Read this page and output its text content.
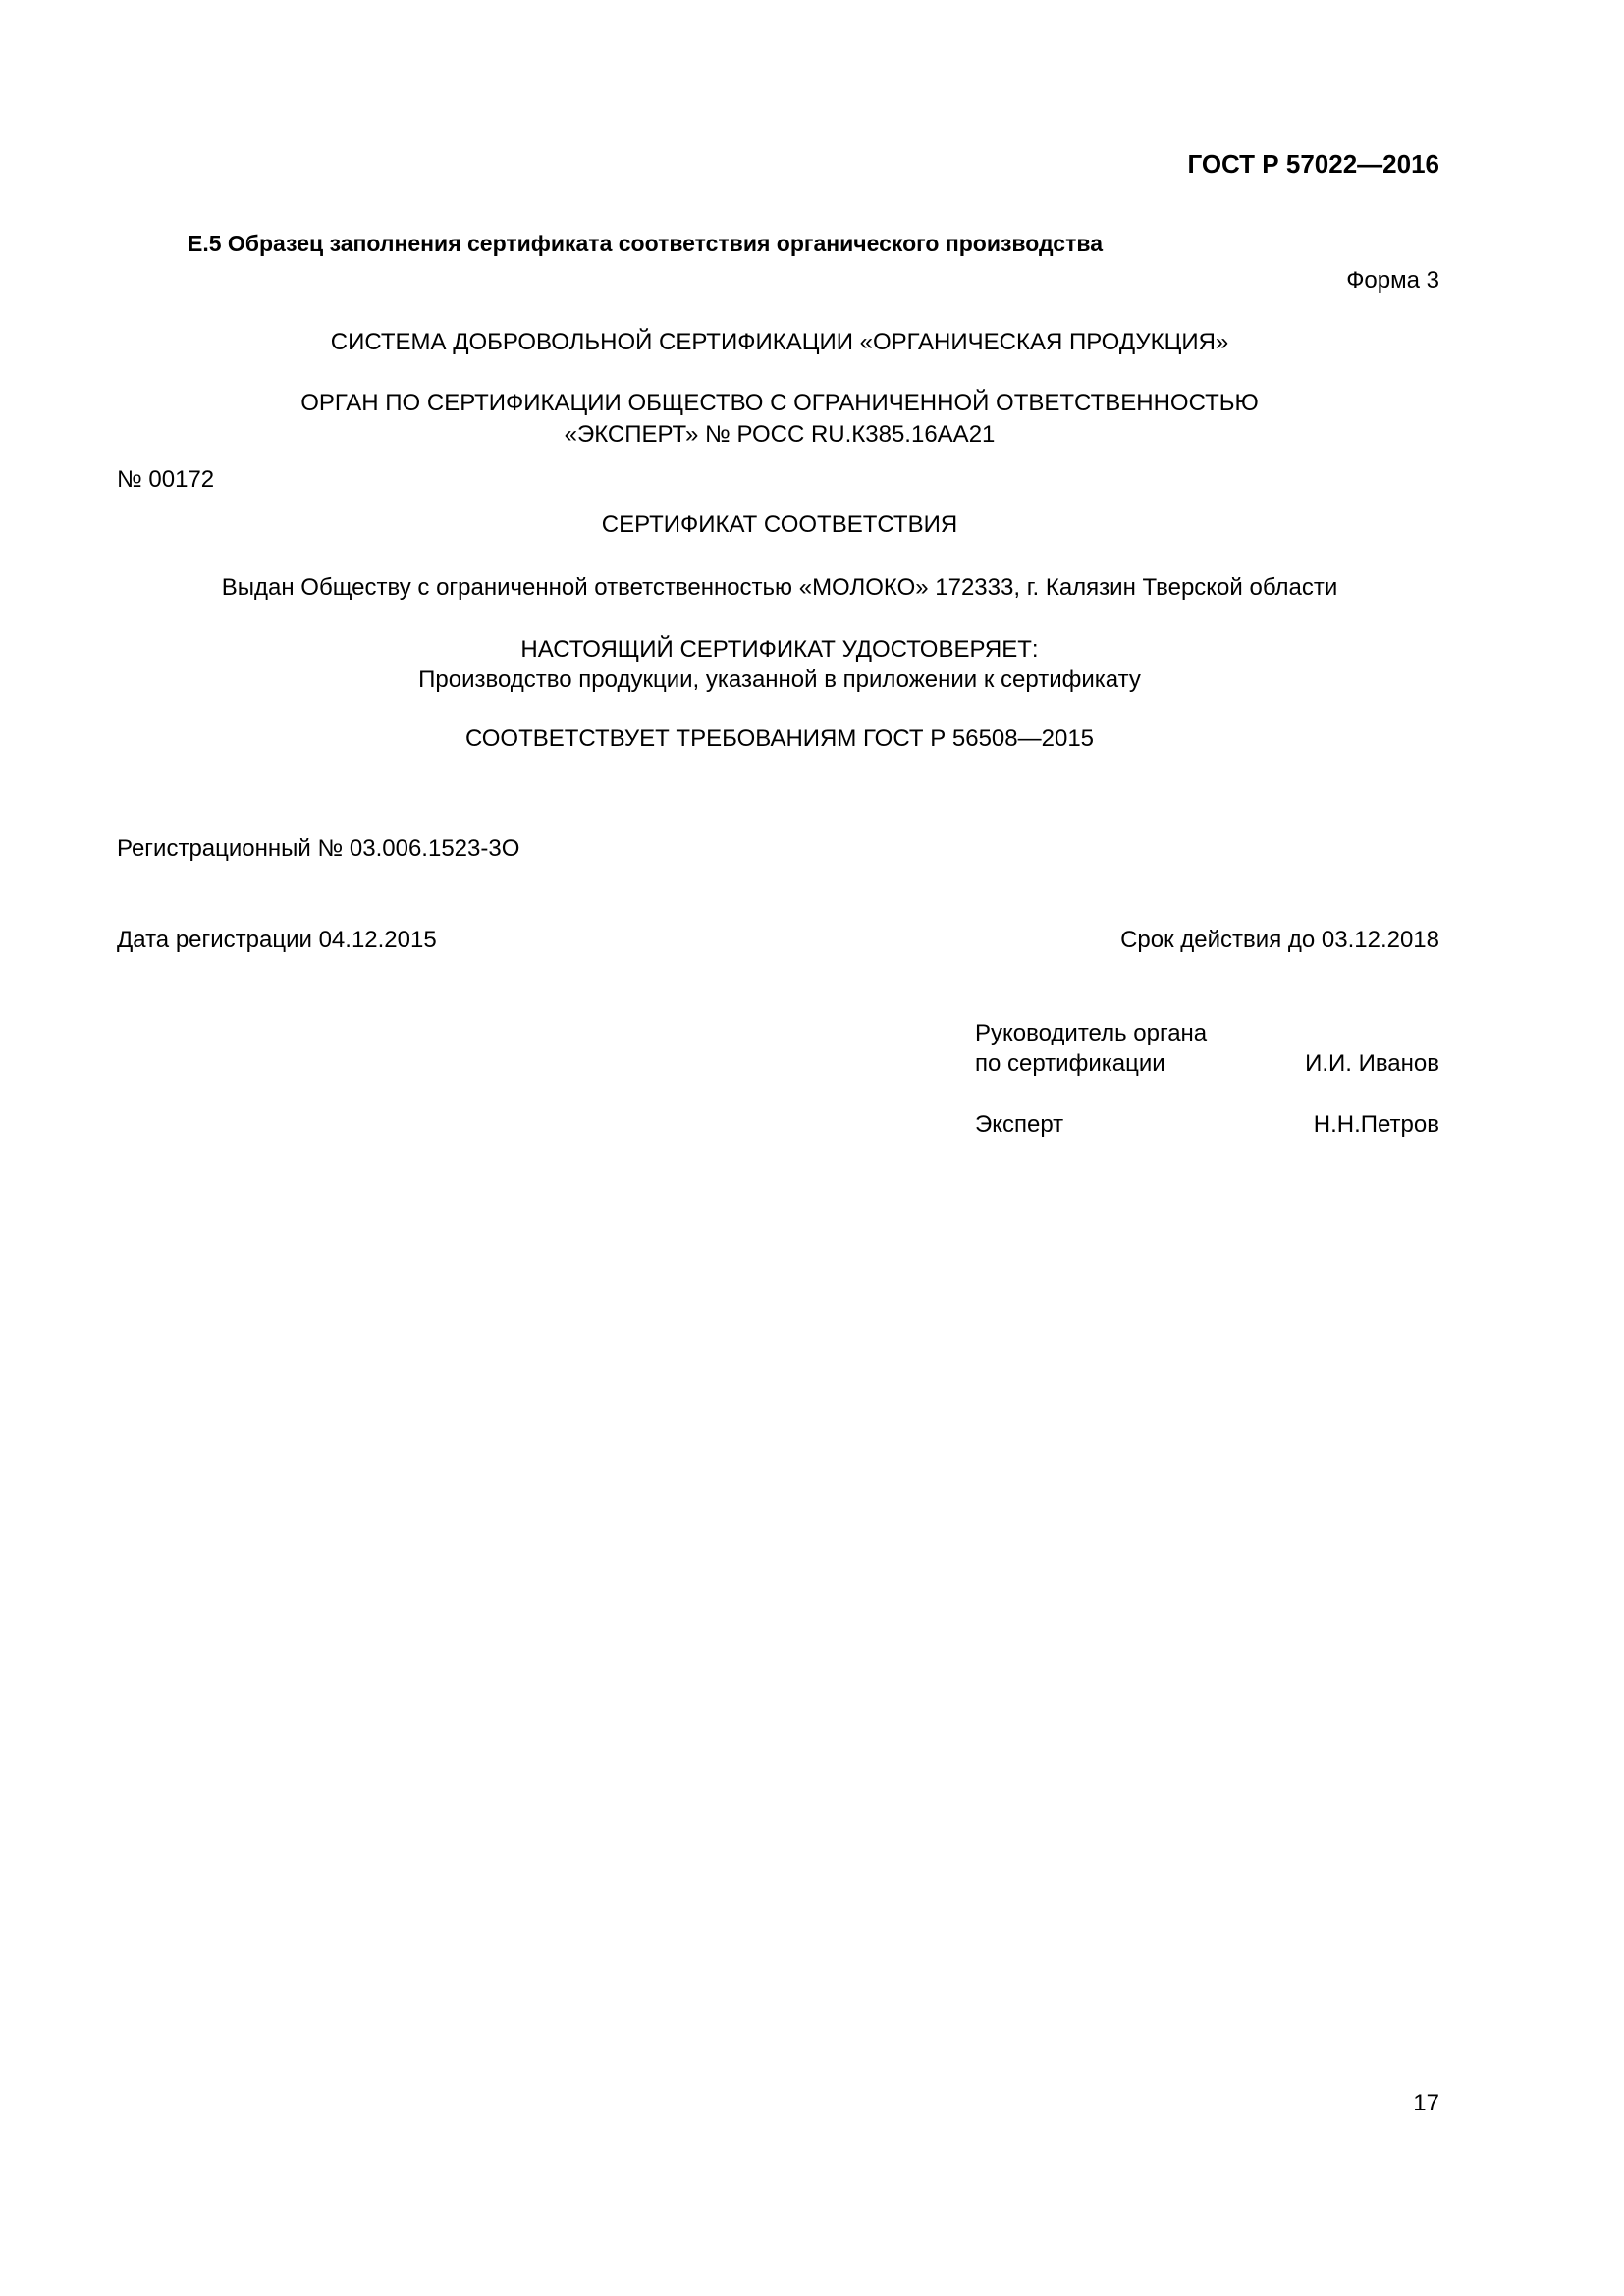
ГОСТ Р 57022—2016
Е.5 Образец заполнения сертификата соответствия органического производства
Форма 3
СИСТЕМА ДОБРОВОЛЬНОЙ СЕРТИФИКАЦИИ «ОРГАНИЧЕСКАЯ ПРОДУКЦИЯ»
ОРГАН ПО СЕРТИФИКАЦИИ ОБЩЕСТВО С ОГРАНИЧЕННОЙ ОТВЕТСТВЕННОСТЬЮ
«ЭКСПЕРТ» № РОСС RU.К385.16АА21
№ 00172
СЕРТИФИКАТ СООТВЕТСТВИЯ
Выдан Обществу с ограниченной ответственностью «МОЛОКО» 172333, г. Калязин Тверской области
НАСТОЯЩИЙ СЕРТИФИКАТ УДОСТОВЕРЯЕТ:
Производство продукции, указанной в приложении к сертификату
СООТВЕТСТВУЕТ ТРЕБОВАНИЯМ ГОСТ Р 56508—2015
Регистрационный № 03.006.1523-3О
Дата регистрации 04.12.2015	Срок действия до 03.12.2018
Руководитель органа
по сертификации	И.И. Иванов
Эксперт	Н.Н.Петров
17
